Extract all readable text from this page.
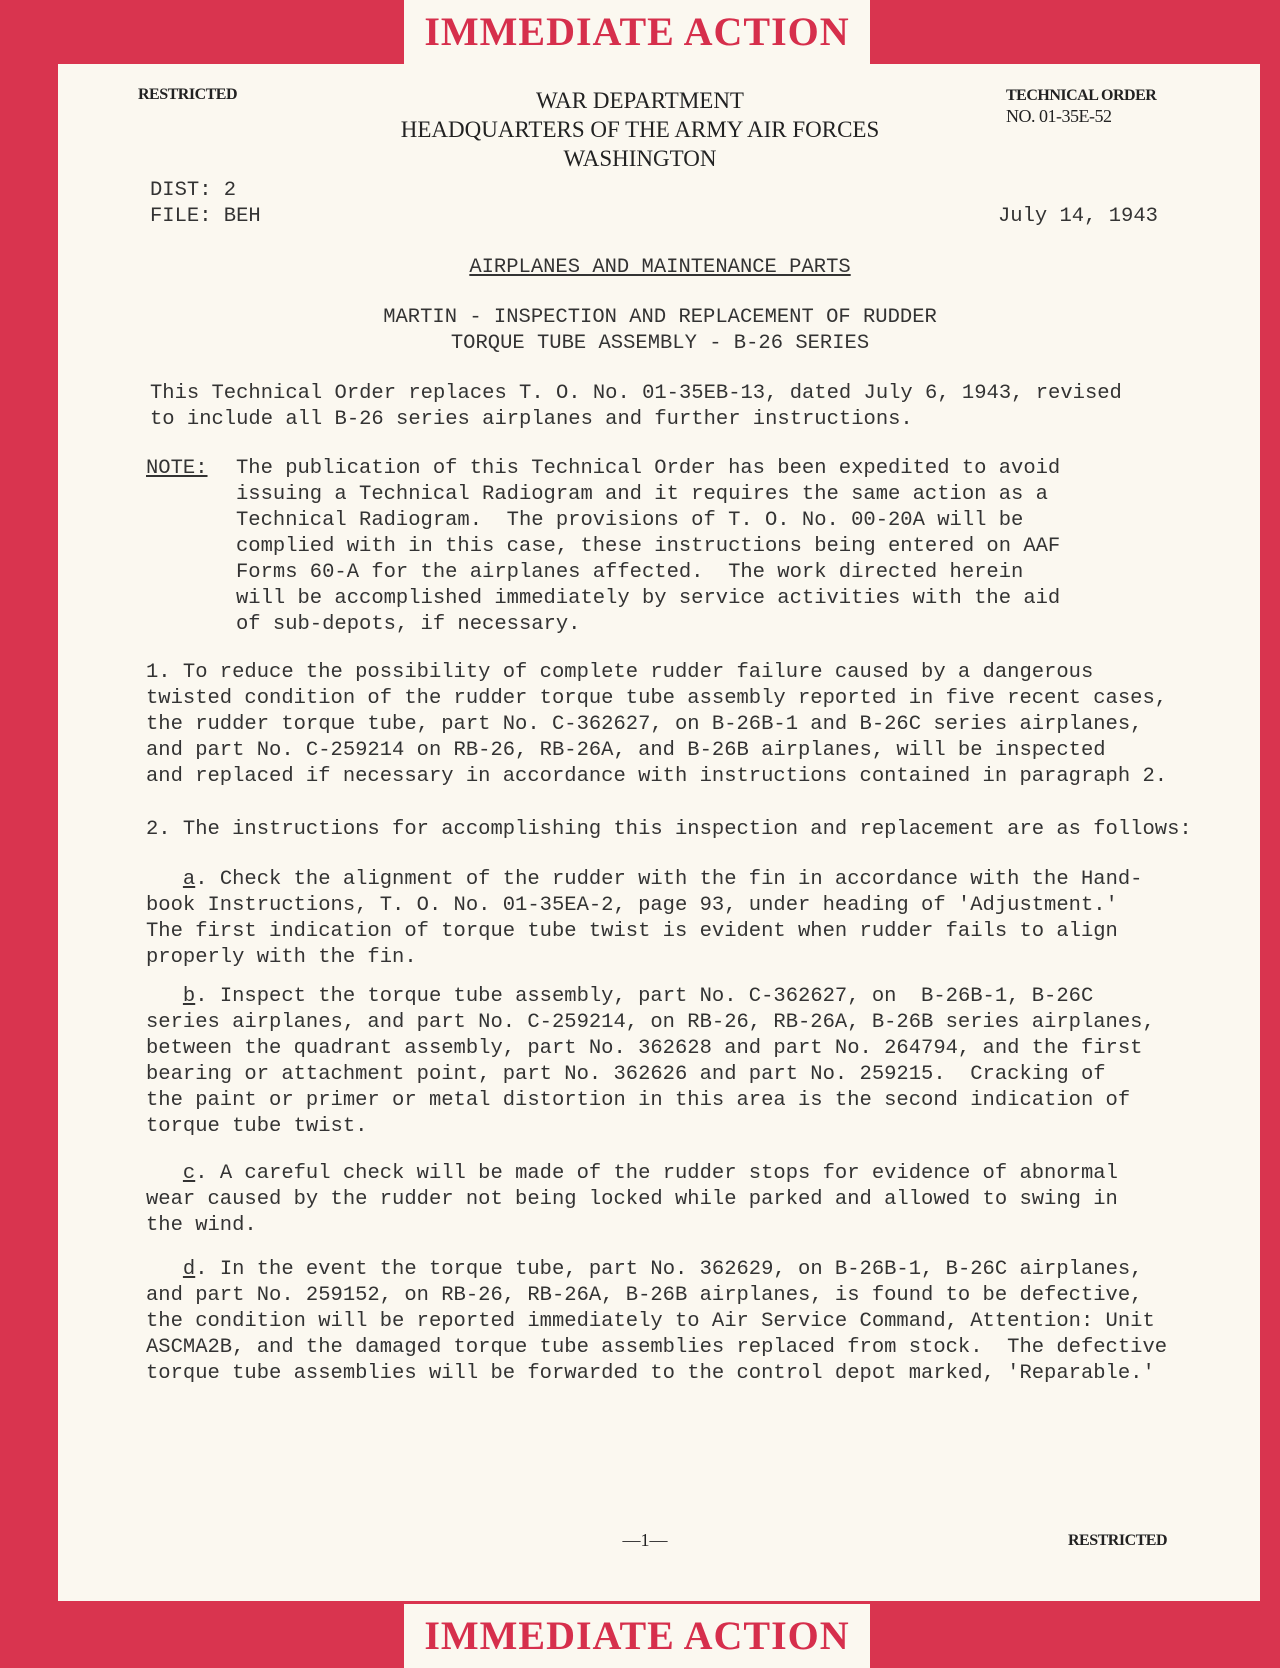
IMMEDIATE ACTION
IMMEDIATE ACTION
RESTRICTED	WAR DEPARTMENT
HEADQUARTERS OF THE ARMY AIR FORCES
WASHINGTON
TECHNICAL ORDER
NO. 01-35E-52
DIST: 2
FILE: BEH	July 14, 1943
AIRPLANES AND MAINTENANCE PARTS
MARTIN - INSPECTION AND REPLACEMENT OF RUDDER
TORQUE TUBE ASSEMBLY - B-26 SERIES
This Technical Order replaces T. O. No. 01-35EB-13, dated July 6, 1943, revised
to include all B-26 series airplanes and further instructions.
NOTE: The publication of this Technical Order has been expedited to avoid
issuing a Technical Radiogram and it requires the same action as a
Technical Radiogram.  The provisions of T. O. No. 00-20A will be
complied with in this case, these instructions being entered on AAF
Forms 60-A for the airplanes affected.  The work directed herein
will be accomplished immediately by service activities with the aid
of sub-depots, if necessary.
1. To reduce the possibility of complete rudder failure caused by a dangerous
twisted condition of the rudder torque tube assembly reported in five recent cases,
the rudder torque tube, part No. C-362627, on B-26B-1 and B-26C series airplanes,
and part No. C-259214 on RB-26, RB-26A, and B-26B airplanes, will be inspected
and replaced if necessary in accordance with instructions contained in paragraph 2.
2. The instructions for accomplishing this inspection and replacement are as follows:
a. Check the alignment of the rudder with the fin in accordance with the Hand-
book Instructions, T. O. No. 01-35EA-2, page 93, under heading of 'Adjustment.'
The first indication of torque tube twist is evident when rudder fails to align
properly with the fin.
b. Inspect the torque tube assembly, part No. C-362627, on  B-26B-1, B-26C
series airplanes, and part No. C-259214, on RB-26, RB-26A, B-26B series airplanes,
between the quadrant assembly, part No. 362628 and part No. 264794, and the first
bearing or attachment point, part No. 362626 and part No. 259215.  Cracking of
the paint or primer or metal distortion in this area is the second indication of
torque tube twist.
c. A careful check will be made of the rudder stops for evidence of abnormal
wear caused by the rudder not being locked while parked and allowed to swing in
the wind.
d. In the event the torque tube, part No. 362629, on B-26B-1, B-26C airplanes,
and part No. 259152, on RB-26, RB-26A, B-26B airplanes, is found to be defective,
the condition will be reported immediately to Air Service Command, Attention: Unit
ASCMA2B, and the damaged torque tube assemblies replaced from stock.  The defective
torque tube assemblies will be forwarded to the control depot marked, 'Reparable.'
—1—	RESTRICTED
